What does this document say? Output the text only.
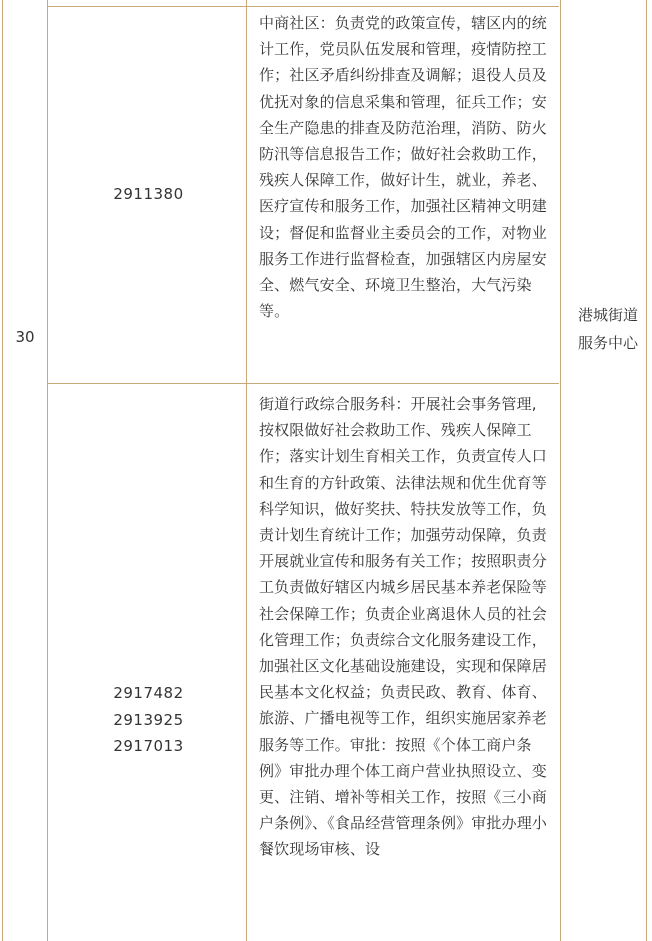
30
2911380
中商社区：负责党的政策宣传，辖区内的统计工作，党员队伍发展和管理，疫情防控工作；社区矛盾纠纷排查及调解；退役人员及优抚对象的信息采集和管理，征兵工作；安全生产隐患的排查及防范治理，消防、防火防汛等信息报告工作；做好社会救助工作，残疾人保障工作，做好计生，就业，养老、医疗宣传和服务工作，加强社区精神文明建设；督促和监督业主委员会的工作，对物业服务工作进行监督检查，加强辖区内房屋安全、燃气安全、环境卫生整治，大气污染等。
2917482
2913925
2917013
街道行政综合服务科：开展社会事务管理,按权限做好社会救助工作、残疾人保障工作；落实计划生育相关工作，负责宣传人口和生育的方针政策、法律法规和优生优育等科学知识，做好奖扶、特扶发放等工作，负责计划生育统计工作；加强劳动保障，负责开展就业宣传和服务有关工作；按照职责分工负责做好辖区内城乡居民基本养老保险等社会保障工作；负责企业离退休人员的社会化管理工作；负责综合文化服务建设工作，加强社区文化基础设施建设，实现和保障居民基本文化权益；负责民政、教育、体育、旅游、广播电视等工作，组织实施居家养老服务等工作。审批：按照《个体工商户条例》审批办理个体工商户营业执照设立、变更、注销、增补等相关工作，按照《三小商户条例》、《食品经营管理条例》审批办理小餐饮现场审核、设
港城街道服务中心
